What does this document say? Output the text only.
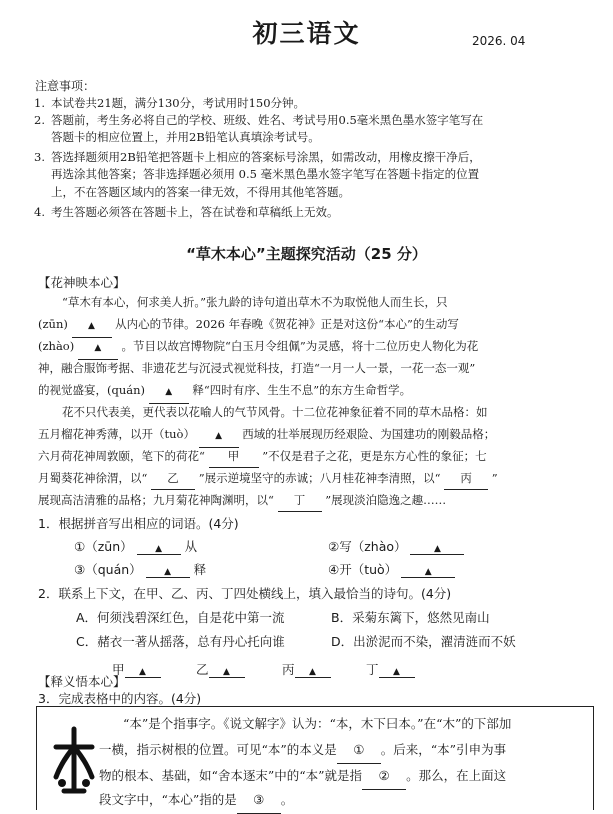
初三语文	2026. 04
注意事项：
1. 本试卷共21题，满分130分，考试用时150分钟。
2. 答题前，考生务必将自己的学校、班级、姓名、考试号用0.5毫米黑色墨水签字笔写在
答题卡的相应位置上，并用2B铅笔认真填涂考试号。
3. 答选择题须用2B铅笔把答题卡上相应的答案标号涂黑，如需改动，用橡皮擦干净后，
再选涂其他答案；答非选择题必须用 0.5 毫米黑色墨水签字笔写在答题卡指定的位置
上，不在答题区域内的答案一律无效，不得用其他笔答题。
4. 考生答题必须答在答题卡上，答在试卷和草稿纸上无效。
“草木本心”主题探究活动（25 分）
【花神映本心】
“草木有本心，何求美人折。”张九龄的诗句道出草木不为取悦他人而生长，只
(zūn) ▲ 从内心的节律。2026 年春晚《贺花神》正是对这份“本心”的生动写
(zhào) ▲ 。节目以故宫博物院“白玉月令组佩”为灵感，将十二位历史人物化为花
神，融合服饰考据、非遗花艺与沉浸式视觉科技，打造“一月一人一景，一花一态一观”
的视觉盛宴，(quán) ▲ 释“四时有序、生生不息”的东方生命哲学。
花不只代表美，更代表以花喻人的气节风骨。十二位花神象征着不同的草木品格：如
五月榴花神秀薄，以开（tuò） ▲ 西域的壮举展现历经艰险、为国建功的刚毅品格；
六月荷花神周敦颐，笔下的荷花“ 甲 ”不仅是君子之花，更是东方心性的象征；七
月蜀葵花神徐渭，以“ 乙 ”展示逆境坚守的赤诚；八月桂花神李清照，以“ 丙 ”
展现高洁清雅的品格；九月菊花神陶渊明，以“ 丁 ”展现淡泊隐逸之趣……
1．根据拼音写出相应的词语。(4分)
①（zūn）	▲ 从	②写（zhào）	▲
③（quán）	▲ 释	④开（tuò）	▲
2．联系上下文，在甲、乙、丙、丁四处横线上，填入最恰当的诗句。(4分)
A．何须浅碧深红色，自是花中第一流	B．采菊东篱下，悠然见南山
C．赭衣一著从摇落，总有丹心托向谁	D．出淤泥而不染，濯清涟而不妖
甲 ▲	乙 ▲	丙 ▲	丁 ▲
【释义悟本心】
3．完成表格中的内容。(4分)
“本”是个指事字。《说文解字》认为：“本，木下曰本。”在“木”的下部加
一横，指示树根的位置。可见“本”的本义是 ① 。后来，“本”引申为事
物的根本、基础，如“舍本逐末”中的“本”就是指 ② 。那么，在上面这
段文字中，“本心”指的是 ③ 。
